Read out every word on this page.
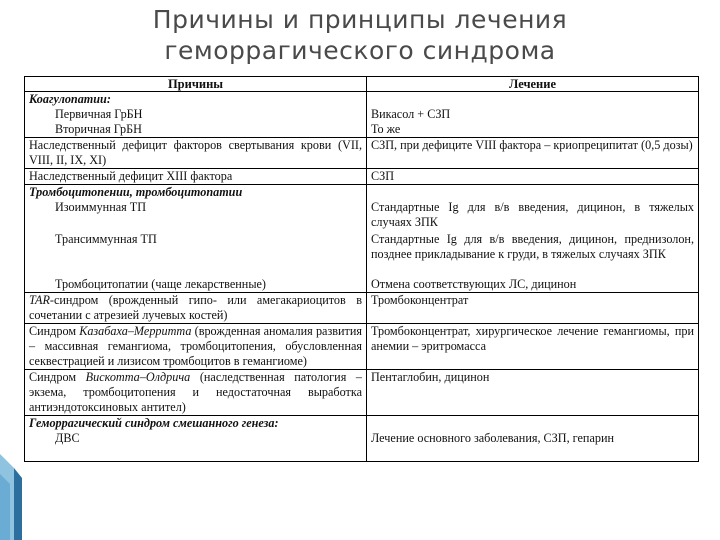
Причины и принципы лечения
геморрагического синдрома
Причины	Лечение
Коагулопатии:	
Первичная ГрБН	Викасол + СЗП
Вторичная ГрБН	То же
Наследственный дефицит факторов свертывания крови (VII, VIII, II, IX, XI)	СЗП, при дефиците VIII фактора – криопреципитат (0,5 дозы)
Наследственный дефицит XIII фактора	СЗП
Тромбоцитопении, тромбоцитопатии	
Изоиммунная ТП	Стандартные Ig для в/в введения, дицинон, в тяжелых случаях ЗПК
Трансиммунная ТП	Стандартные Ig для в/в введения, дицинон, преднизолон, позднее прикладывание к груди, в тяжелых случаях ЗПК
Тромбоцитопатии (чаще лекарственные)	Отмена соответствующих ЛС, дицинон
ТАR-синдром (врожденный гипо- или амегакариоцитов в сочетании с атрезией лучевых костей)	Тромбоконцентрат
Синдром Казабаха–Мерритта (врожденная аномалия развития – массивная гемангиома, тромбоцитопения, обусловленная секвестрацией и лизисом тромбоцитов в гемангиоме)	Тромбоконцентрат, хирургическое лечение гемангиомы, при анемии – эритромасса
Синдром Вискотта–Олдрича (наследственная патология – экзема, тромбоцитопения и недостаточная выработка антиэндотоксиновых антител)	Пентаглобин, дицинон
Геморрагический синдром смешанного генеза:	
ДВС	Лечение основного заболевания, СЗП, гепарин
